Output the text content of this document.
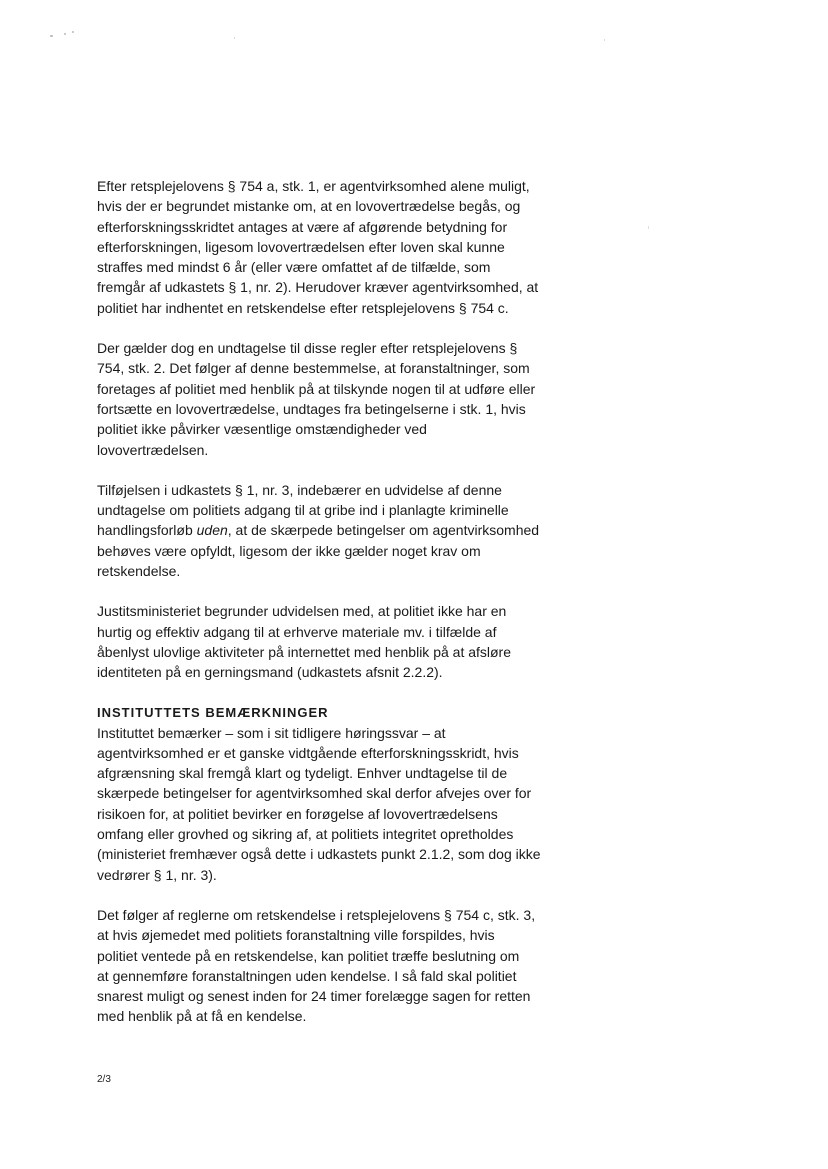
Efter retsplejelovens § 754 a, stk. 1, er agentvirksomhed alene muligt,
hvis der er begrundet mistanke om, at en lovovertrædelse begås, og
efterforskningsskridtet antages at være af afgørende betydning for
efterforskningen, ligesom lovovertrædelsen efter loven skal kunne
straffes med mindst 6 år (eller være omfattet af de tilfælde, som
fremgår af udkastets § 1, nr. 2). Herudover kræver agentvirksomhed, at
politiet har indhentet en retskendelse efter retsplejelovens § 754 c.

Der gælder dog en undtagelse til disse regler efter retsplejelovens §
754, stk. 2. Det følger af denne bestemmelse, at foranstaltninger, som
foretages af politiet med henblik på at tilskynde nogen til at udføre eller
fortsætte en lovovertrædelse, undtages fra betingelserne i stk. 1, hvis
politiet ikke påvirker væsentlige omstændigheder ved
lovovertrædelsen.

Tilføjelsen i udkastets § 1, nr. 3, indebærer en udvidelse af denne
undtagelse om politiets adgang til at gribe ind i planlagte kriminelle
handlingsforløb uden, at de skærpede betingelser om agentvirksomhed
behøves være opfyldt, ligesom der ikke gælder noget krav om
retskendelse.

Justitsministeriet begrunder udvidelsen med, at politiet ikke har en
hurtig og effektiv adgang til at erhverve materiale mv. i tilfælde af
åbenlyst ulovlige aktiviteter på internettet med henblik på at afsløre
identiteten på en gerningsmand (udkastets afsnit 2.2.2).

INSTITUTTETS BEMÆRKNINGER

Instituttet bemærker – som i sit tidligere høringssvar – at
agentvirksomhed er et ganske vidtgående efterforskningsskridt, hvis
afgrænsning skal fremgå klart og tydeligt. Enhver undtagelse til de
skærpede betingelser for agentvirksomhed skal derfor afvejes over for
risikoen for, at politiet bevirker en forøgelse af lovovertrædelsens
omfang eller grovhed og sikring af, at politiets integritet opretholdes
(ministeriet fremhæver også dette i udkastets punkt 2.1.2, som dog ikke
vedrører § 1, nr. 3).

Det følger af reglerne om retskendelse i retsplejelovens § 754 c, stk. 3,
at hvis øjemedet med politiets foranstaltning ville forspildes, hvis
politiet ventede på en retskendelse, kan politiet træffe beslutning om
at gennemføre foranstaltningen uden kendelse. I så fald skal politiet
snarest muligt og senest inden for 24 timer forelægge sagen for retten
med henblik på at få en kendelse.

2/3
